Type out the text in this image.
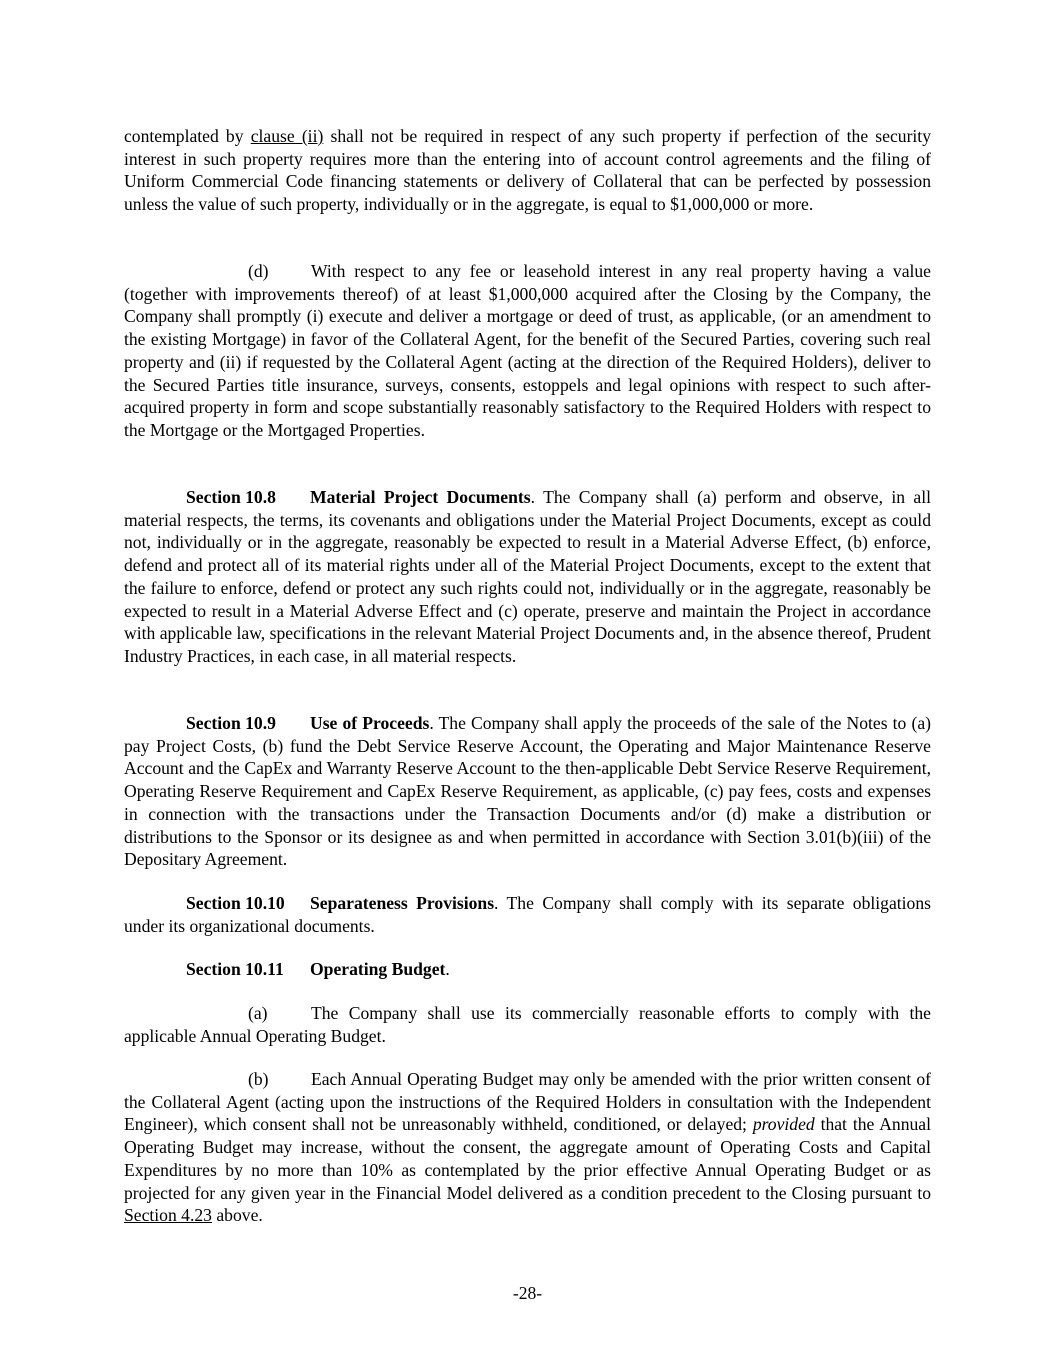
contemplated by clause (ii) shall not be required in respect of any such property if perfection of the security interest in such property requires more than the entering into of account control agreements and the filing of Uniform Commercial Code financing statements or delivery of Collateral that can be perfected by possession unless the value of such property, individually or in the aggregate, is equal to $1,000,000 or more.

(d) With respect to any fee or leasehold interest in any real property having a value (together with improvements thereof) of at least $1,000,000 acquired after the Closing by the Company, the Company shall promptly (i) execute and deliver a mortgage or deed of trust, as applicable, (or an amendment to the existing Mortgage) in favor of the Collateral Agent, for the benefit of the Secured Parties, covering such real property and (ii) if requested by the Collateral Agent (acting at the direction of the Required Holders), deliver to the Secured Parties title insurance, surveys, consents, estoppels and legal opinions with respect to such after-acquired property in form and scope substantially reasonably satisfactory to the Required Holders with respect to the Mortgage or the Mortgaged Properties.

Section 10.8 Material Project Documents. The Company shall (a) perform and observe, in all material respects, the terms, its covenants and obligations under the Material Project Documents, except as could not, individually or in the aggregate, reasonably be expected to result in a Material Adverse Effect, (b) enforce, defend and protect all of its material rights under all of the Material Project Documents, except to the extent that the failure to enforce, defend or protect any such rights could not, individually or in the aggregate, reasonably be expected to result in a Material Adverse Effect and (c) operate, preserve and maintain the Project in accordance with applicable law, specifications in the relevant Material Project Documents and, in the absence thereof, Prudent Industry Practices, in each case, in all material respects.

Section 10.9 Use of Proceeds. The Company shall apply the proceeds of the sale of the Notes to (a) pay Project Costs, (b) fund the Debt Service Reserve Account, the Operating and Major Maintenance Reserve Account and the CapEx and Warranty Reserve Account to the then-applicable Debt Service Reserve Requirement, Operating Reserve Requirement and CapEx Reserve Requirement, as applicable, (c) pay fees, costs and expenses in connection with the transactions under the Transaction Documents and/or (d) make a distribution or distributions to the Sponsor or its designee as and when permitted in accordance with Section 3.01(b)(iii) of the Depositary Agreement.

Section 10.10 Separateness Provisions. The Company shall comply with its separate obligations under its organizational documents.

Section 10.11 Operating Budget.

(a) The Company shall use its commercially reasonable efforts to comply with the applicable Annual Operating Budget.

(b) Each Annual Operating Budget may only be amended with the prior written consent of the Collateral Agent (acting upon the instructions of the Required Holders in consultation with the Independent Engineer), which consent shall not be unreasonably withheld, conditioned, or delayed; provided that the Annual Operating Budget may increase, without the consent, the aggregate amount of Operating Costs and Capital Expenditures by no more than 10% as contemplated by the prior effective Annual Operating Budget or as projected for any given year in the Financial Model delivered as a condition precedent to the Closing pursuant to Section 4.23 above.

-28-
